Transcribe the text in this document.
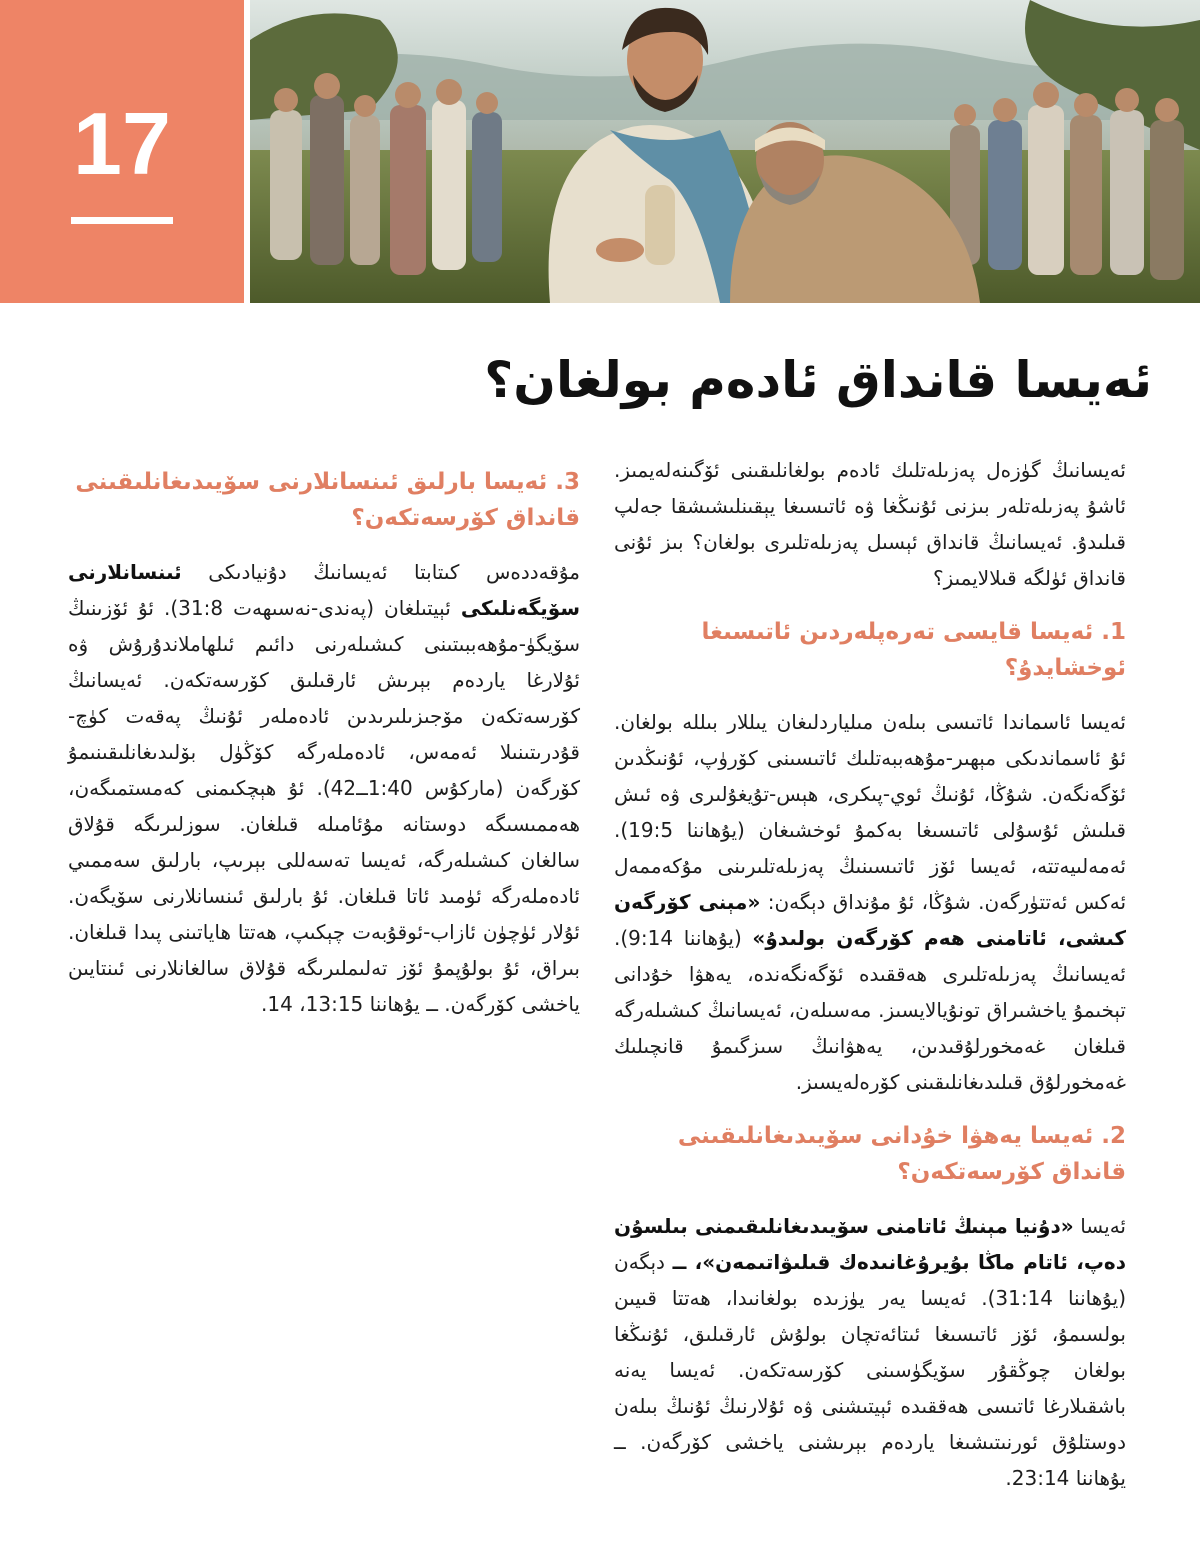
17
ئەيسا قانداق ئادەم بولغان؟

ئەيسانىڭ گۈزەل پەزىلەتلىك ئادەم بولغانلىقىنى ئۆگىنەلەيمىز. ئاشۇ پەزىلەتلەر بىزنى ئۇنىڭغا ۋە ئاتىسىغا يېقىنلىشىشقا جەلپ قىلىدۇ. ئەيسانىڭ قانداق ئېسىل پەزىلەتلىرى بولغان؟ بىز ئۇنى قانداق ئۈلگە قىلالايمىز؟

1. ئەيسا قايسى تەرەپلەردىن ئاتىسىغا ئوخشايدۇ؟

ئەيسا ئاسماندا ئاتىسى بىلەن مىليارد‌لىغان يىللار بىللە بولغان. ئۇ ئاسماندىكى مېھىر-مۇھەببەتلىك ئاتىسىنى كۆرۈپ، ئۇنىڭدىن ئۆگەنگەن. شۇڭا، ئۇنىڭ ئوي-پىكرى، ھېس-تۇيغۇلىرى ۋە ئىش قىلىش ئۇسۇلى ئاتىسىغا بەكمۇ ئوخشىغان (يۇھاننا 19:5). ئەمەلىيەتتە، ئەيسا ئۆز ئاتىسىنىڭ پەزىلەتلىرىنى مۇكەممەل ئەكس ئەتتۈرگەن. شۇڭا، ئۇ مۇنداق دېگەن: «مېنى كۆرگەن كىشى، ئاتامنى ھەم كۆرگەن بولىدۇ» (يۇھاننا 9:14). ئەيسانىڭ پەزىلەتلىرى ھەققىدە ئۆگەنگەندە، يەھۋا خۇدانى تېخىمۇ ياخشىراق تونۇيالايسىز. مەسىلەن، ئەيسانىڭ كىشىلەرگە قىلغان غەمخورلۇقىدىن، يەھۋانىڭ سىزگىمۇ قانچىلىك غەمخورلۇق قىلىدىغانلىقىنى كۆرەلەيسىز.

2. ئەيسا يەھۋا خۇدانى سۆيىدىغانلىقىنى قانداق كۆرسەتكەن؟

ئەيسا «دۇنيا مېنىڭ ئاتامنى سۆيىدىغانلىقىمنى بىلسۇن دەپ، ئاتام ماڭا بۇيرۇغانىدەك قىلىۋاتىمەن»، ــ دېگەن (يۇھاننا 31:14). ئەيسا يەر يۈزىدە بولغانىدا، ھەتتا قىيىن بولسىمۇ، ئۆز ئاتىسىغا ئىتائەتچان بولۇش ئارقىلىق، ئۇنىڭغا بولغان چوڭقۇر سۆيگۈسىنى كۆرسەتكەن. ئەيسا يەنە باشقىلارغا ئاتىسى ھەققىدە ئېيتىشنى ۋە ئۇلارنىڭ ئۇنىڭ بىلەن دوستلۇق ئورنىتىشىغا ياردەم بېرىشنى ياخشى كۆرگەن. ــ يۇھاننا 23:14.

3. ئەيسا بارلىق ئىنسانلارنى سۆيىدىغانلىقىنى قانداق كۆرسەتكەن؟

مۇقەددەس كىتابتا ئەيسانىڭ دۇنيادىكى ئىنسانلارنى سۆيگەنلىكى ئېيتىلغان (پەندى-نەسىھەت 31:8). ئۇ ئۆزىنىڭ سۆيگۈ-مۇھەببىتىنى كىشىلەرنى دائىم ئىلھاملاندۇرۇش ۋە ئۇلارغا ياردەم بېرىش ئارقىلىق كۆرسەتكەن. ئەيسانىڭ كۆرسەتكەن مۆجىزىلىرىدىن ئادەملەر ئۇنىڭ پەقەت كۈچ-قۇدرىتىنىلا ئەمەس، ئادەملەرگە كۆڭۈل بۆلىدىغانلىقىنىمۇ كۆرگەن (ماركۇس 1:40ــ42). ئۇ ھېچكىمنى كەمستمىگەن، ھەممىسىگە دوستانە مۇئامىلە قىلغان. سوزلىرىگە قۇلاق سالغان كىشىلەرگە، ئەيسا تەسەللى بېرىپ، بارلىق سەممىي ئادەملەرگە ئۈمىد ئاتا قىلغان. ئۇ بارلىق ئىنسانلارنى سۆيگەن. ئۇلار ئۈچۈن ئازاب-ئوقۇبەت چېكىپ، ھەتتا ھاياتىنى پىدا قىلغان. بىراق، ئۇ بولۇپمۇ ئۆز تەلىملىرىگە قۇلاق سالغانلارنى ئىنتايىن ياخشى كۆرگەن. ــ يۇھاننا 13:15، 14.
